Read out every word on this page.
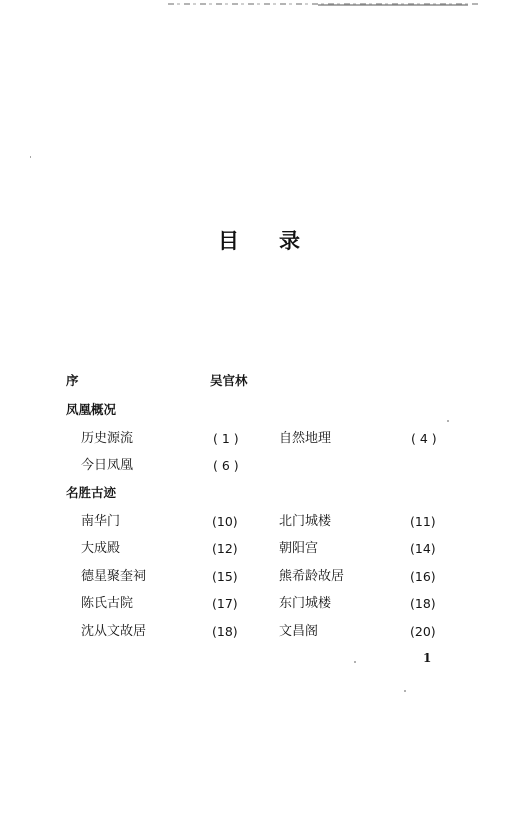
目 录
序	吴官林
凤凰概况
历史源流	( 1 )	自然地理	( 4 )
今日凤凰	( 6 )
名胜古迹
南华门	(10)	北门城楼	(11)
大成殿	(12)	朝阳宫	(14)
德星聚奎祠	(15)	熊希龄故居	(16)
陈氏古院	(17)	东门城楼	(18)
沈从文故居	(18)	文昌阁	(20)
1
